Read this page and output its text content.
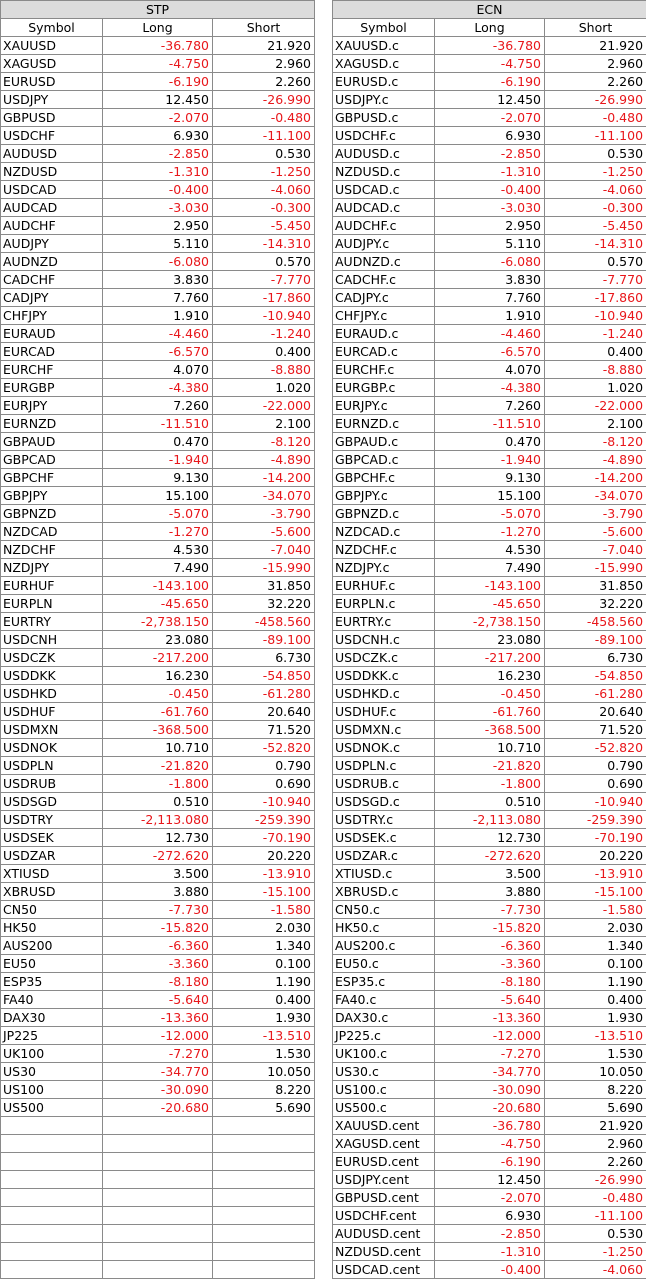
STP		
Symbol	Long	Short
XAUUSD	-36.780	21.920
XAGUSD	-4.750	2.960
EURUSD	-6.190	2.260
USDJPY	12.450	-26.990
GBPUSD	-2.070	-0.480
USDCHF	6.930	-11.100
AUDUSD	-2.850	0.530
NZDUSD	-1.310	-1.250
USDCAD	-0.400	-4.060
AUDCAD	-3.030	-0.300
AUDCHF	2.950	-5.450
AUDJPY	5.110	-14.310
AUDNZD	-6.080	0.570
CADCHF	3.830	-7.770
CADJPY	7.760	-17.860
CHFJPY	1.910	-10.940
EURAUD	-4.460	-1.240
EURCAD	-6.570	0.400
EURCHF	4.070	-8.880
EURGBP	-4.380	1.020
EURJPY	7.260	-22.000
EURNZD	-11.510	2.100
GBPAUD	0.470	-8.120
GBPCAD	-1.940	-4.890
GBPCHF	9.130	-14.200
GBPJPY	15.100	-34.070
GBPNZD	-5.070	-3.790
NZDCAD	-1.270	-5.600
NZDCHF	4.530	-7.040
NZDJPY	7.490	-15.990
EURHUF	-143.100	31.850
EURPLN	-45.650	32.220
EURTRY	-2,738.150	-458.560
USDCNH	23.080	-89.100
USDCZK	-217.200	6.730
USDDKK	16.230	-54.850
USDHKD	-0.450	-61.280
USDHUF	-61.760	20.640
USDMXN	-368.500	71.520
USDNOK	10.710	-52.820
USDPLN	-21.820	0.790
USDRUB	-1.800	0.690
USDSGD	0.510	-10.940
USDTRY	-2,113.080	-259.390
USDSEK	12.730	-70.190
USDZAR	-272.620	20.220
XTIUSD	3.500	-13.910
XBRUSD	3.880	-15.100
CN50	-7.730	-1.580
HK50	-15.820	2.030
AUS200	-6.360	1.340
EU50	-3.360	0.100
ESP35	-8.180	1.190
FA40	-5.640	0.400
DAX30	-13.360	1.930
JP225	-12.000	-13.510
UK100	-7.270	1.530
US30	-34.770	10.050
US100	-30.090	8.220
US500	-20.680	5.690

ECN		
Symbol	Long	Short
XAUUSD.c	-36.780	21.920
XAGUSD.c	-4.750	2.960
EURUSD.c	-6.190	2.260
USDJPY.c	12.450	-26.990
GBPUSD.c	-2.070	-0.480
USDCHF.c	6.930	-11.100
AUDUSD.c	-2.850	0.530
NZDUSD.c	-1.310	-1.250
USDCAD.c	-0.400	-4.060
AUDCAD.c	-3.030	-0.300
AUDCHF.c	2.950	-5.450
AUDJPY.c	5.110	-14.310
AUDNZD.c	-6.080	0.570
CADCHF.c	3.830	-7.770
CADJPY.c	7.760	-17.860
CHFJPY.c	1.910	-10.940
EURAUD.c	-4.460	-1.240
EURCAD.c	-6.570	0.400
EURCHF.c	4.070	-8.880
EURGBP.c	-4.380	1.020
EURJPY.c	7.260	-22.000
EURNZD.c	-11.510	2.100
GBPAUD.c	0.470	-8.120
GBPCAD.c	-1.940	-4.890
GBPCHF.c	9.130	-14.200
GBPJPY.c	15.100	-34.070
GBPNZD.c	-5.070	-3.790
NZDCAD.c	-1.270	-5.600
NZDCHF.c	4.530	-7.040
NZDJPY.c	7.490	-15.990
EURHUF.c	-143.100	31.850
EURPLN.c	-45.650	32.220
EURTRY.c	-2,738.150	-458.560
USDCNH.c	23.080	-89.100
USDCZK.c	-217.200	6.730
USDDKK.c	16.230	-54.850
USDHKD.c	-0.450	-61.280
USDHUF.c	-61.760	20.640
USDMXN.c	-368.500	71.520
USDNOK.c	10.710	-52.820
USDPLN.c	-21.820	0.790
USDRUB.c	-1.800	0.690
USDSGD.c	0.510	-10.940
USDTRY.c	-2,113.080	-259.390
USDSEK.c	12.730	-70.190
USDZAR.c	-272.620	20.220
XTIUSD.c	3.500	-13.910
XBRUSD.c	3.880	-15.100
CN50.c	-7.730	-1.580
HK50.c	-15.820	2.030
AUS200.c	-6.360	1.340
EU50.c	-3.360	0.100
ESP35.c	-8.180	1.190
FA40.c	-5.640	0.400
DAX30.c	-13.360	1.930
JP225.c	-12.000	-13.510
UK100.c	-7.270	1.530
US30.c	-34.770	10.050
US100.c	-30.090	8.220
US500.c	-20.680	5.690
XAUUSD.cent	-36.780	21.920
XAGUSD.cent	-4.750	2.960
EURUSD.cent	-6.190	2.260
USDJPY.cent	12.450	-26.990
GBPUSD.cent	-2.070	-0.480
USDCHF.cent	6.930	-11.100
AUDUSD.cent	-2.850	0.530
NZDUSD.cent	-1.310	-1.250
USDCAD.cent	-0.400	-4.060
